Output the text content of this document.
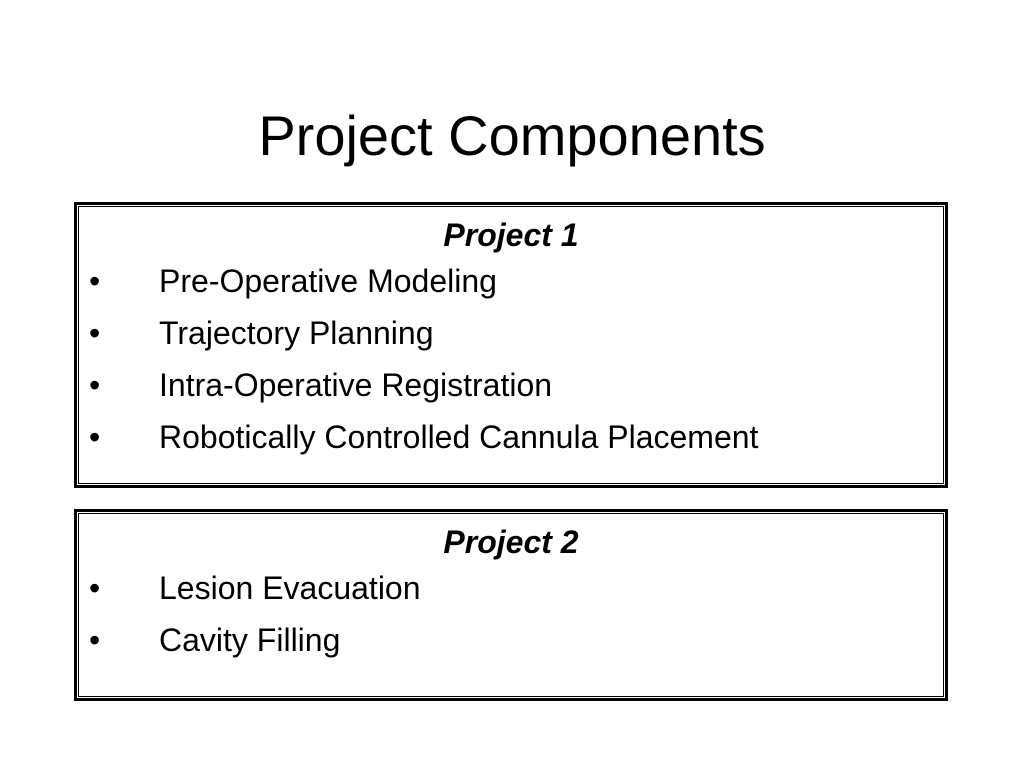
Project Components
Project 1
•	Pre-Operative Modeling
•	Trajectory Planning
•	Intra-Operative Registration
•	Robotically Controlled Cannula Placement
Project 2
•	Lesion Evacuation
•	Cavity Filling
